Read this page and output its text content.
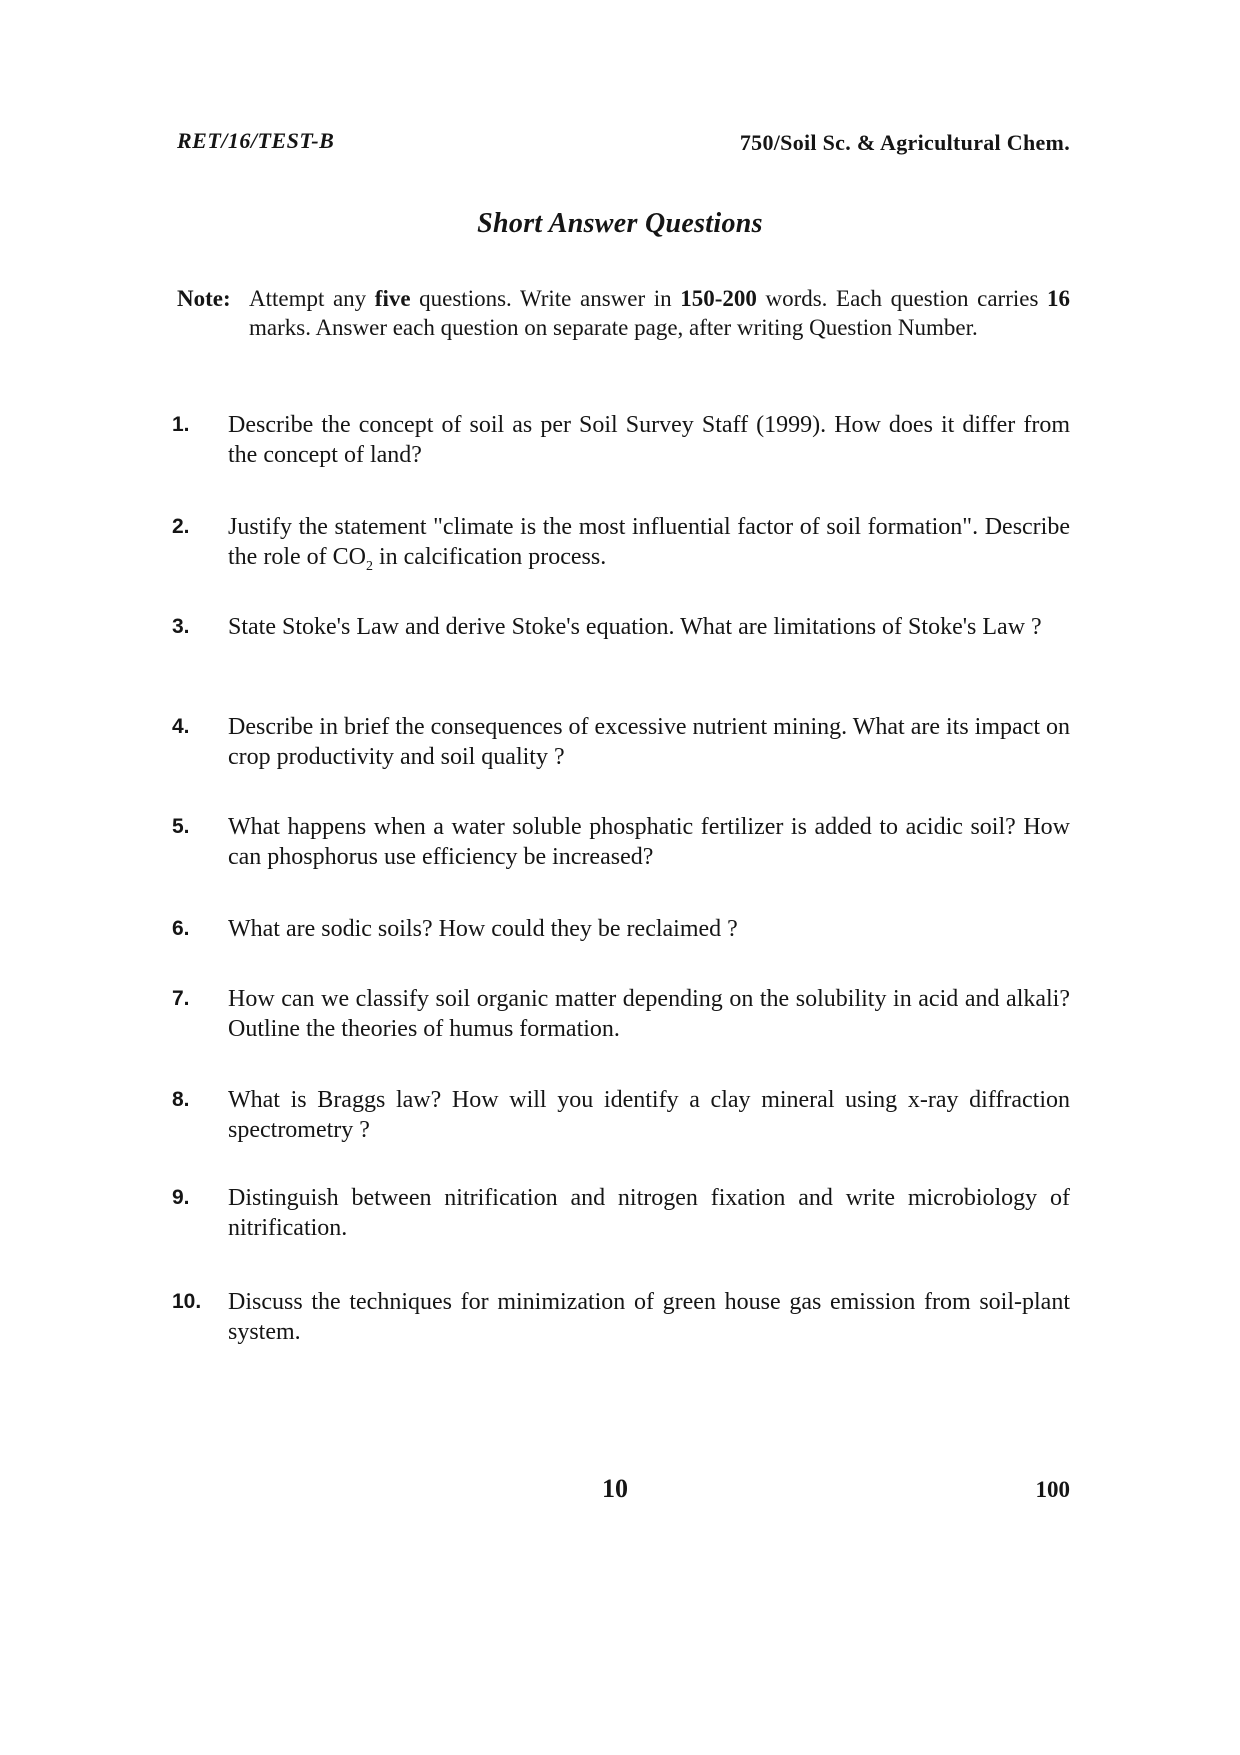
RET/16/TEST-B	750/Soil Sc. & Agricultural Chem.
Short Answer Questions
Note: Attempt any five questions. Write answer in 150-200 words. Each question carries 16 marks. Answer each question on separate page, after writing Question Number.
1.	Describe the concept of soil as per Soil Survey Staff (1999). How does it differ from the concept of land?
2.	Justify the statement "climate is the most influential factor of soil formation". Describe the role of $CO_2$ in calcification process.
3.	State Stoke's Law and derive Stoke's equation. What are limitations of Stoke's Law ?
4.	Describe in brief the consequences of excessive nutrient mining. What are its impact on crop productivity and soil quality ?
5.	What happens when a water soluble phosphatic fertilizer is added to acidic soil? How can phosphorus use efficiency be increased?
6.	What are sodic soils? How could they be reclaimed ?
7.	How can we classify soil organic matter depending on the solubility in acid and alkali? Outline the theories of humus formation.
8.	What is Braggs law? How will you identify a clay mineral using x-ray diffraction spectrometry ?
9.	Distinguish between nitrification and nitrogen fixation and write microbiology of nitrification.
10.	Discuss the techniques for minimization of green house gas emission from soil-plant system.
10	100
